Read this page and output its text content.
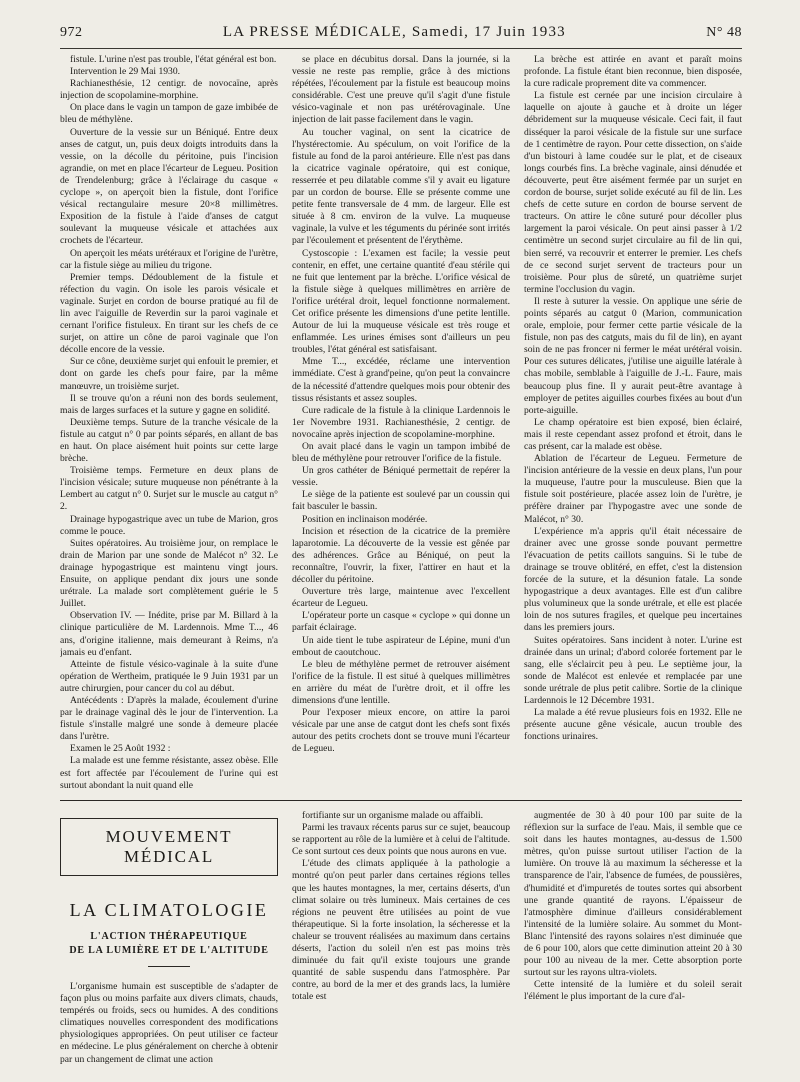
972	LA PRESSE MÉDICALE, Samedi, 17 Juin 1933	N° 48

fistule. L'urine n'est pas trouble, l'état général est bon.

Intervention le 29 Mai 1930.

Rachianesthésie, 12 centigr. de novocaïne, après injection de scopolamine-morphine.

On place dans le vagin un tampon de gaze imbibée de bleu de méthylène.

Ouverture de la vessie sur un Béniqué. Entre deux anses de catgut, un, puis deux doigts introduits dans la vessie, on la décolle du péritoine, puis l'incision agrandie, on met en place l'écarteur de Legueu. Position de Trendelenburg; grâce à l'éclairage du casque « cyclope », on aperçoit bien la fistule, dont l'orifice vésical rectangulaire mesure 20×8 millimètres. Exposition de la fistule à l'aide d'anses de catgut soulevant la muqueuse vésicale et attachées aux crochets de l'écarteur.

On aperçoit les méats urétéraux et l'origine de l'urètre, car la fistule siège au milieu du trigone.

Premier temps. Dédoublement de la fistule et réfection du vagin. On isole les parois vésicale et vaginale. Surjet en cordon de bourse pratiqué au fil de lin avec l'aiguille de Reverdin sur la paroi vaginale et cernant l'orifice fistuleux. En tirant sur les chefs de ce surjet, on attire un cône de paroi vaginale que l'on décolle encore de la vessie.

Sur ce cône, deuxième surjet qui enfouit le premier, et dont on garde les chefs pour faire, par la même manœuvre, un troisième surjet.

Il se trouve qu'on a réuni non des bords seulement, mais de larges surfaces et la suture y gagne en solidité.

Deuxième temps. Suture de la tranche vésicale de la fistule au catgut n° 0 par points séparés, en allant de bas en haut. On place aisément huit points sur cette large brèche.

Troisième temps. Fermeture en deux plans de l'incision vésicale; suture muqueuse non pénétrante à la Lembert au catgut n° 0. Surjet sur le muscle au catgut n° 2.

Drainage hypogastrique avec un tube de Marion, gros comme le pouce.

Suites opératoires. Au troisième jour, on remplace le drain de Marion par une sonde de Malécot n° 32. Le drainage hypogastrique est maintenu vingt jours. Ensuite, on applique pendant dix jours une sonde urétrale. La malade sort complètement guérie le 5 Juillet.

Observation IV. — Inédite, prise par M. Billard à la clinique particulière de M. Lardennois. Mme T..., 46 ans, d'origine italienne, mais demeurant à Reims, n'a jamais eu d'enfant.

Atteinte de fistule vésico-vaginale à la suite d'une opération de Wertheim, pratiquée le 9 Juin 1931 par un autre chirurgien, pour cancer du col au début.

Antécédents : D'après la malade, écoulement d'urine par le drainage vaginal dès le jour de l'intervention. La fistule s'installe malgré une sonde à demeure placée dans l'urètre.

Examen le 25 Août 1932 :

La malade est une femme résistante, assez obèse. Elle est fort affectée par l'écoulement de l'urine qui est surtout abondant la nuit quand elle

se place en décubitus dorsal. Dans la journée, si la vessie ne reste pas remplie, grâce à des mictions répétées, l'écoulement par la fistule est beaucoup moins considérable. C'est une preuve qu'il s'agit d'une fistule vésico-vaginale et non pas urétérovaginale. Une injection de lait passe facilement dans le vagin.

Au toucher vaginal, on sent la cicatrice de l'hystérectomie. Au spéculum, on voit l'orifice de la fistule au fond de la paroi antérieure. Elle n'est pas dans la cicatrice vaginale opératoire, qui est conique, resserrée et peu dilatable comme s'il y avait eu ligature par un cordon de bourse. Elle se présente comme une petite fente transversale de 4 mm. de largeur. Elle est située à 8 cm. environ de la vulve. La muqueuse vaginale, la vulve et les téguments du périnée sont irrités par l'écoulement et présentent de l'érythème.

Cystoscopie : L'examen est facile; la vessie peut contenir, en effet, une certaine quantité d'eau stérile qui ne fuit que lentement par la brèche. L'orifice vésical de la fistule siège à quelques millimètres en arrière de l'orifice urétéral droit, lequel fonctionne normalement. Cet orifice présente les dimensions d'une petite lentille. Autour de lui la muqueuse vésicale est très rouge et enflammée. Les urines émises sont d'ailleurs un peu troubles, l'état général est satisfaisant.

Mme T..., excédée, réclame une intervention immédiate. C'est à grand'peine, qu'on peut la convaincre de la nécessité d'attendre quelques mois pour obtenir des tissus résistants et assez souples.

Cure radicale de la fistule à la clinique Lardennois le 1er Novembre 1931. Rachianesthésie, 2 centigr. de novocaïne après injection de scopolamine-morphine.

On avait placé dans le vagin un tampon imbibé de bleu de méthylène pour retrouver l'orifice de la fistule.

Un gros cathéter de Béniqué permettait de repérer la vessie.

Le siège de la patiente est soulevé par un coussin qui fait basculer le bassin.

Position en inclinaison modérée.

Incision et résection de la cicatrice de la première laparotomie. La découverte de la vessie est gênée par des adhérences. Grâce au Béniqué, on peut la reconnaître, l'ouvrir, la fixer, l'attirer en haut et la décoller du péritoine.

Ouverture très large, maintenue avec l'excellent écarteur de Legueu.

L'opérateur porte un casque « cyclope » qui donne un parfait éclairage.

Un aide tient le tube aspirateur de Lépine, muni d'un embout de caoutchouc.

Le bleu de méthylène permet de retrouver aisément l'orifice de la fistule. Il est situé à quelques millimètres en arrière du méat de l'urètre droit, et il offre les dimensions d'une lentille.

Pour l'exposer mieux encore, on attire la paroi vésicale par une anse de catgut dont les chefs sont fixés autour des petits crochets dont se trouve muni l'écarteur de Legueu.

La brèche est attirée en avant et paraît moins profonde. La fistule étant bien reconnue, bien disposée, la cure radicale proprement dite va commencer.

La fistule est cernée par une incision circulaire à laquelle on ajoute à gauche et à droite un léger débridement sur la muqueuse vésicale. Ceci fait, il faut disséquer la paroi vésicale de la fistule sur une surface de 1 centimètre de rayon. Pour cette dissection, on s'aide d'un bistouri à lame coudée sur le plat, et de ciseaux longs courbés fins. La brèche vaginale, ainsi dénudée et découverte, peut être aisément fermée par un surjet en cordon de bourse, surjet solide exécuté au fil de lin. Les chefs de cette suture en cordon de bourse servent de tracteurs. On attire le cône suturé pour décoller plus largement la paroi vésicale. On peut ainsi passer à 1/2 centimètre un second surjet circulaire au fil de lin qui, bien serré, va recouvrir et enterrer le premier. Les chefs de ce second surjet servent de tracteurs pour un troisième. Pour plus de sûreté, un quatrième surjet termine l'occlusion du vagin.

Il reste à suturer la vessie. On applique une série de points séparés au catgut 0 (Marion, communication orale, emploie, pour fermer cette partie vésicale de la fistule, non pas des catguts, mais du fil de lin), en ayant soin de ne pas froncer ni fermer le méat urétéral voisin. Pour ces sutures délicates, j'utilise une aiguille latérale à chas mobile, semblable à l'aiguille de J.-L. Faure, mais beaucoup plus fine. Il y aurait peut-être avantage à employer de petites aiguilles courbes fixées au bout d'un porte-aiguille.

Le champ opératoire est bien exposé, bien éclairé, mais il reste cependant assez profond et étroit, dans le cas présent, car la malade est obèse.

Ablation de l'écarteur de Legueu. Fermeture de l'incision antérieure de la vessie en deux plans, l'un pour la muqueuse, l'autre pour la musculeuse. Bien que la fistule soit postérieure, placée assez loin de l'urètre, je préfère drainer par l'hypogastre avec une sonde de Malécot, n° 30.

L'expérience m'a appris qu'il était nécessaire de drainer avec une grosse sonde pouvant permettre l'évacuation de petits caillots sanguins. Si le tube de drainage se trouve oblitéré, en effet, c'est la distension forcée de la suture, et la désunion fatale. La sonde hypogastrique a deux avantages. Elle est d'un calibre plus volumineux que la sonde urétrale, et elle est placée loin de nos sutures fragiles, et quelque peu incertaines dans les premiers jours.

Suites opératoires. Sans incident à noter. L'urine est drainée dans un urinal; d'abord colorée fortement par le sang, elle s'éclaircit peu à peu. Le septième jour, la sonde de Malécot est enlevée et remplacée par une sonde urétrale de plus petit calibre. Sortie de la clinique Lardennois le 12 Décembre 1931.

La malade a été revue plusieurs fois en 1932. Elle ne présente aucune gêne vésicale, aucun trouble des fonctions urinaires.

MOUVEMENT MÉDICAL
LA CLIMATOLOGIE
L'ACTION THÉRAPEUTIQUE
DE LA LUMIÈRE ET DE L'ALTITUDE

L'organisme humain est susceptible de s'adapter de façon plus ou moins parfaite aux divers climats, chauds, tempérés ou froids, secs ou humides. A des conditions climatiques nouvelles correspondent des modifications physiologiques appropriées. On peut utiliser ce facteur en médecine. Le plus généralement on cherche à obtenir par un changement de climat une action

fortifiante sur un organisme malade ou affaibli.

Parmi les travaux récents parus sur ce sujet, beaucoup se rapportent au rôle de la lumière et à celui de l'altitude. Ce sont surtout ces deux points que nous aurons en vue.

L'étude des climats appliquée à la pathologie a montré qu'on peut parler dans certaines régions telles que les hautes montagnes, la mer, certains déserts, d'un climat solaire ou très lumineux. Mais certaines de ces régions ne peuvent être utilisées au point de vue thérapeutique. Si la forte insolation, la sécheresse et la chaleur se trouvent réalisées au maximum dans certains déserts, l'action du soleil n'en est pas moins très diminuée du fait qu'il existe toujours une grande quantité de sable suspendu dans l'atmosphère. Par contre, au bord de la mer et des grands lacs, la lumière totale est

augmentée de 30 à 40 pour 100 par suite de la réflexion sur la surface de l'eau. Mais, il semble que ce soit dans les hautes montagnes, au-dessus de 1.500 mètres, qu'on puisse surtout utiliser l'action de la lumière. On trouve là au maximum la sécheresse et la transparence de l'air, l'absence de fumées, de poussières, d'humidité et d'impuretés de toutes sortes qui absorbent une grande quantité de rayons. L'épaisseur de l'atmosphère diminue d'ailleurs considérablement l'intensité de la lumière solaire. Au sommet du Mont-Blanc l'intensité des rayons solaires n'est diminuée que de 6 pour 100, alors que cette diminution atteint 20 à 30 pour 100 au niveau de la mer. Cette absorption porte surtout sur les rayons ultra-violets.

Cette intensité de la lumière et du soleil serait l'élément le plus important de la cure d'al-
